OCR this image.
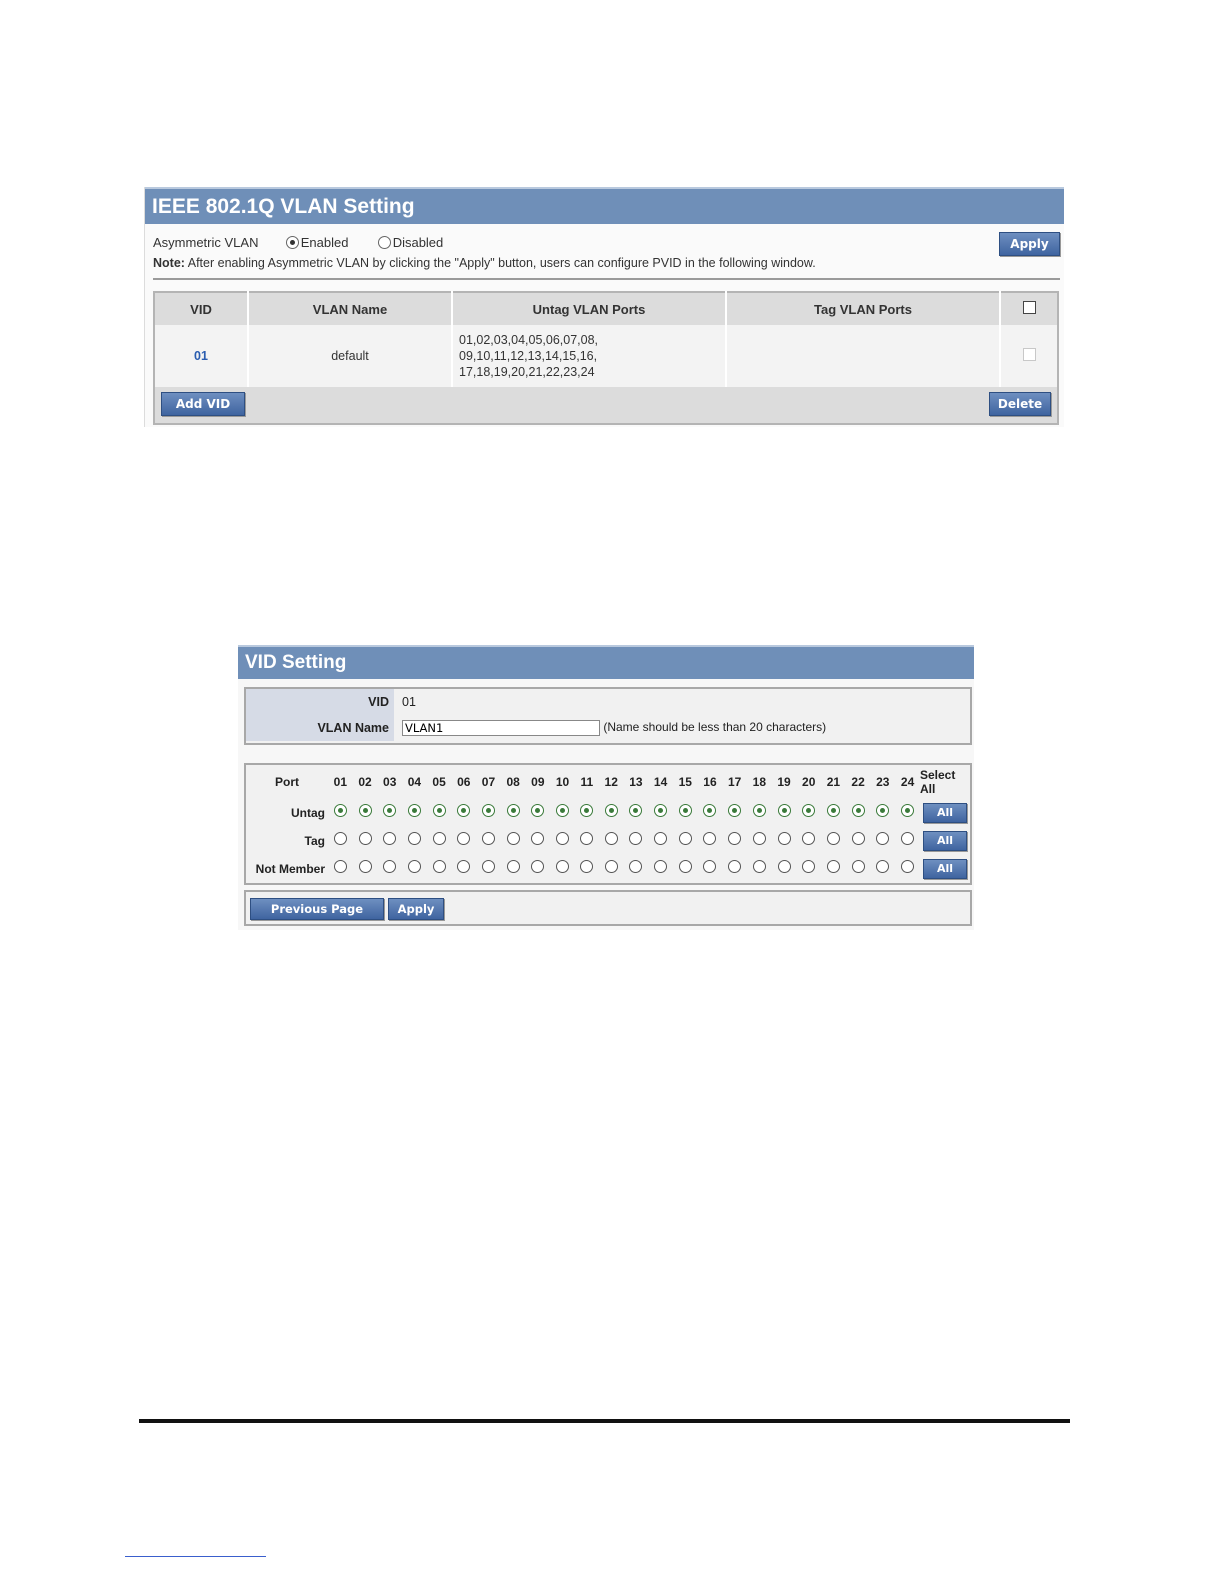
IEEE 802.1Q VLAN Setting
Asymmetric VLAN	Enabled	Disabled	Apply
Note: After enabling Asymmetric VLAN by clicking the "Apply" button, users can configure PVID in the following window.
VID	VLAN Name	Untag VLAN Ports	Tag VLAN Ports	
01	default	01,02,03,04,05,06,07,08,
09,10,11,12,13,14,15,16,
17,18,19,20,21,22,23,24		

Add VID Delete				
VID Setting
VID	01
VLAN Name	VLAN1(Name should be less than 20 characters)
Port	01	02	03	04	05	06	07	08	09	10	11	12	13	14	15	16	17	18	19	20	21	22	23	24	Select All
Untag																									All
Tag																									All
Not Member																									All
Previous Page	Apply
